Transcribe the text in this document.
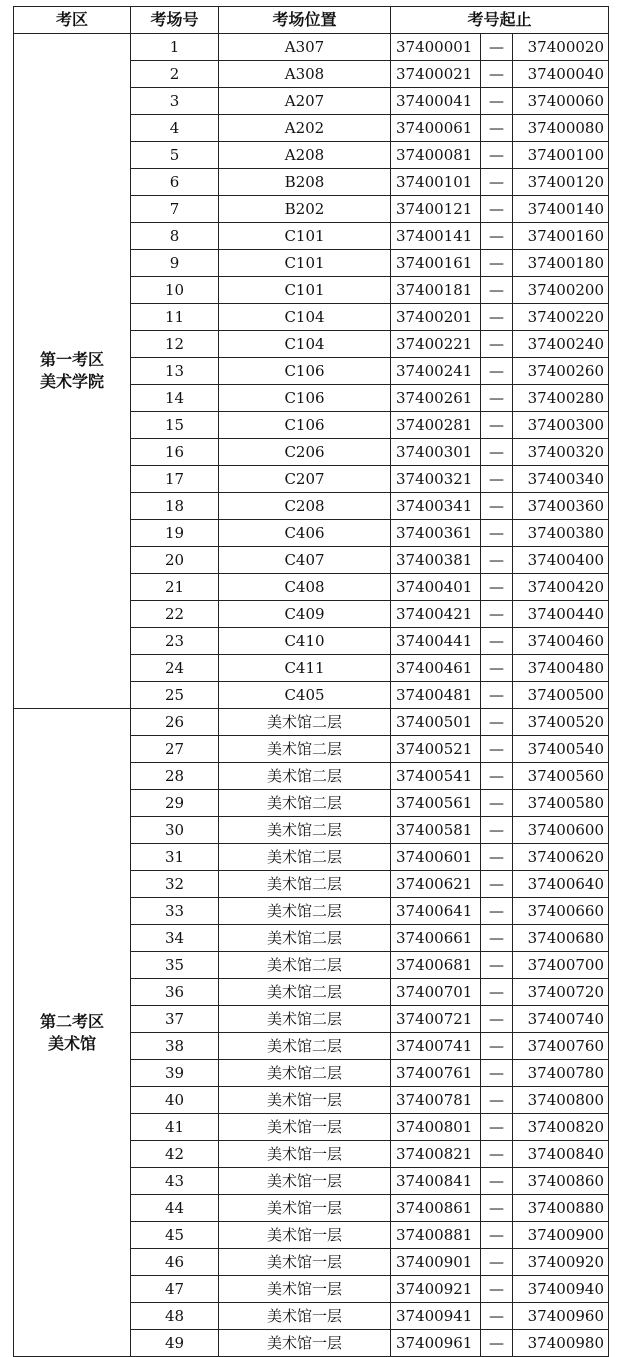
考区	考场号	考场位置	考号起止		

第一考区
美术学院	1	A307	37400001	—	37400020
	2	A308	37400021	—	37400040
	3	A207	37400041	—	37400060
	4	A202	37400061	—	37400080
	5	A208	37400081	—	37400100
	6	B208	37400101	—	37400120
	7	B202	37400121	—	37400140
	8	C101	37400141	—	37400160
	9	C101	37400161	—	37400180
	10	C101	37400181	—	37400200
	11	C104	37400201	—	37400220
	12	C104	37400221	—	37400240
	13	C106	37400241	—	37400260
	14	C106	37400261	—	37400280
	15	C106	37400281	—	37400300
	16	C206	37400301	—	37400320
	17	C207	37400321	—	37400340
	18	C208	37400341	—	37400360
	19	C406	37400361	—	37400380
	20	C407	37400381	—	37400400
	21	C408	37400401	—	37400420
	22	C409	37400421	—	37400440
	23	C410	37400441	—	37400460
	24	C411	37400461	—	37400480
	25	C405	37400481	—	37400500

第二考区
美术馆	26	美术馆二层	37400501	—	37400520
	27	美术馆二层	37400521	—	37400540
	28	美术馆二层	37400541	—	37400560
	29	美术馆二层	37400561	—	37400580
	30	美术馆二层	37400581	—	37400600
	31	美术馆二层	37400601	—	37400620
	32	美术馆二层	37400621	—	37400640
	33	美术馆二层	37400641	—	37400660
	34	美术馆二层	37400661	—	37400680
	35	美术馆二层	37400681	—	37400700
	36	美术馆二层	37400701	—	37400720
	37	美术馆二层	37400721	—	37400740
	38	美术馆二层	37400741	—	37400760
	39	美术馆二层	37400761	—	37400780
	40	美术馆一层	37400781	—	37400800
	41	美术馆一层	37400801	—	37400820
	42	美术馆一层	37400821	—	37400840
	43	美术馆一层	37400841	—	37400860
	44	美术馆一层	37400861	—	37400880
	45	美术馆一层	37400881	—	37400900
	46	美术馆一层	37400901	—	37400920
	47	美术馆一层	37400921	—	37400940
	48	美术馆一层	37400941	—	37400960
	49	美术馆一层	37400961	—	37400980
